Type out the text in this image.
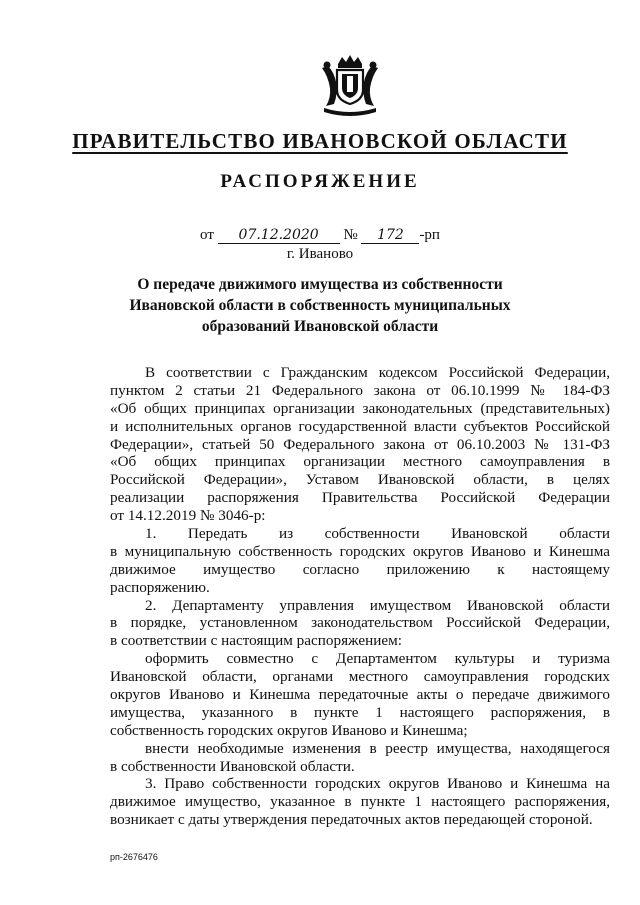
ПРАВИТЕЛЬСТВО ИВАНОВСКОЙ ОБЛАСТИ
РАСПОРЯЖЕНИЕ
от 07.12.2020 № 172 -рп
г. Иваново
О передаче движимого имущества из собственности
Ивановской области в собственность муниципальных
образований Ивановской области
В соответствии с Гражданским кодексом Российской Федерации,
пунктом 2 статьи 21 Федерального закона от 06.10.1999 № 184-ФЗ
«Об общих принципах организации законодательных (представительных)
и исполнительных органов государственной власти субъектов Российской
Федерации», статьей 50 Федерального закона от 06.10.2003 № 131-ФЗ
«Об общих принципах организации местного самоуправления в
Российской Федерации», Уставом Ивановской области, в целях
реализации распоряжения Правительства Российской Федерации
от 14.12.2019 № 3046-р:
1. Передать из собственности Ивановской области
в муниципальную собственность городских округов Иваново и Кинешма
движимое имущество согласно приложению к настоящему
распоряжению.
2. Департаменту управления имуществом Ивановской области
в порядке, установленном законодательством Российской Федерации,
в соответствии с настоящим распоряжением:
оформить совместно с Департаментом культуры и туризма
Ивановской области, органами местного самоуправления городских
округов Иваново и Кинешма передаточные акты о передаче движимого
имущества, указанного в пункте 1 настоящего распоряжения, в
собственность городских округов Иваново и Кинешма;
внести необходимые изменения в реестр имущества, находящегося
в собственности Ивановской области.
3. Право собственности городских округов Иваново и Кинешма на
движимое имущество, указанное в пункте 1 настоящего распоряжения,
возникает с даты утверждения передаточных актов передающей стороной.
рп-2676476
